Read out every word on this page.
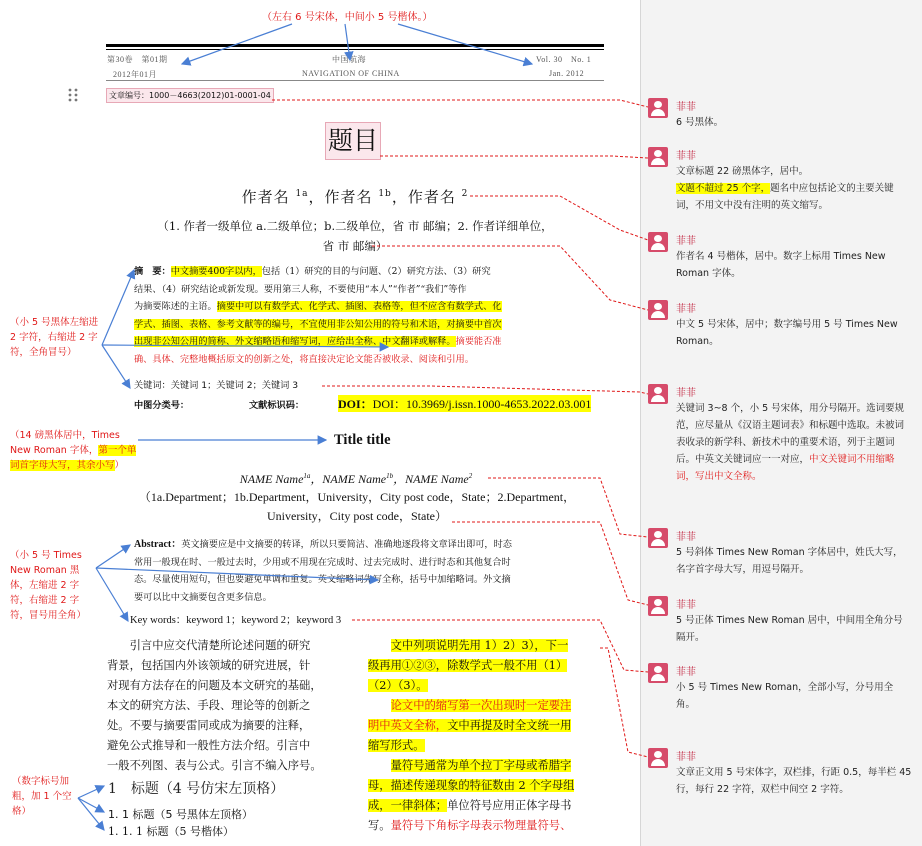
（左右 6 号宋体，中间小 5 号楷体。）
第30卷　第01期
2012年01月
中国航海
NAVIGATION OF CHINA
Vol. 30　No. 1
Jan. 2012
文章编号：1000－4663(2012)01-0001-04
题目
作者名 $^{1a}$，作者名 $^{1b}$，作者名 $^2$
（1. 作者一级单位 a.二级单位；b.二级单位，省 市 邮编；2. 作者详细单位，
省 市 邮编）
摘　要：中文摘要400字以内，包括（1）研究的目的与问题、（2）研究方法、（3）研究
结果、（4）研究结论或新发现。要用第三人称，不要使用“本人”“作者”“我们”等作
为摘要陈述的主语。摘要中可以有数学式、化学式、插图、表格等，但不应含有数学式、化
学式、插图、表格、参考文献等的编号，不宜使用非公知公用的符号和术语，对摘要中首次
出现非公知公用的简称、外文缩略语和缩写词，应给出全称、中文翻译或解释。摘要能否准
确、具体、完整地概括原文的创新之处，将直接决定论文能否被收录、阅读和引用。
关键词：关键词 1；关键词 2；关键词 3
中图分类号：	文献标识码：	DOI：DOI：10.3969/j.issn.1000-4653.2022.03.001
（小 5 号黑体左缩进 2 字符，右缩进 2 字符，全角冒号）
（14 磅黑体居中，Times New Roman 字体，第一个单词首字母大写，其余小写）
Title title
NAME Name$^{1a}$，NAME Name$^{1b}$，NAME Name$^2$
（1a.Department；1b.Department，University，City post code，State；2.Department，
University，City post code，State）
（小 5 号 Times New Roman 黑体，左缩进 2 字符，右缩进 2 字符，冒号用全角）
Abstract：英文摘要应是中文摘要的转译，所以只要简洁、准确地逐段将文章译出即可，时态
常用一般现在时、一般过去时，少用或不用现在完成时、过去完成时、进行时态和其他复合时
态。尽量使用短句，但也要避免单调和重复。英文缩略词先写全称，括号中加缩略词。外文摘
要可以比中文摘要包含更多信息。
Key words：keyword 1；keyword 2；keyword 3
引言中应交代清楚所论述问题的研究
背景，包括国内外该领域的研究进展，针
对现有方法存在的问题及本文研究的基础，
本文的研究方法、手段、理论等的创新之
处。不要与摘要雷同或成为摘要的注释，
避免公式推导和一般性方法介绍。引言中
一般不列图、表与公式。引言不编入序号。
1　标题（4 号仿宋左顶格）
1. 1 标题（5 号黑体左顶格）
1. 1. 1 标题（5 号楷体）
（数字标号加粗，加 1 个空格）
文中列项说明先用 1）2）3），下一
级再用①②③，除数学式一般不用（1）
（2）（3）。
论文中的缩写第一次出现时一定要注
明中英文全称，文中再提及时全文统一用
缩写形式。
量符号通常为单个拉丁字母或希腊字
母，描述传递现象的特征数由 2 个字母组
成，一律斜体；单位符号应用正体字母书
写。量符号下角标字母表示物理量符号、
菲菲
6 号黑体。
菲菲
文章标题 22 磅黑体字，居中。
文题不超过 25 个字，题名中应包括论文的主要关键词，不用文中没有注明的英文缩写。
菲菲
作者名 4 号楷体，居中。数字上标用 Times New Roman 字体。
菲菲
中文 5 号宋体，居中；数字编号用 5 号 Times New Roman。
菲菲
关键词 3~8 个，小 5 号宋体，用分号隔开。选词要规范，应尽量从《汉语主题词表》和标题中选取。未被词表收录的新学科、新技术中的重要术语，列于主题词后。中英文关键词应一一对应，中文关键词不用缩略词，写出中文全称。
菲菲
5 号斜体 Times New Roman 字体居中，姓氏大写，名字首字母大写，用逗号隔开。
菲菲
5 号正体 Times New Roman 居中，中间用全角分号隔开。
菲菲
小 5 号 Times New Roman，全部小写，分号用全角。
菲菲
文章正文用 5 号宋体字，双栏排，行距 0.5，每半栏 45 行，每行 22 字符，双栏中间空 2 字符。
